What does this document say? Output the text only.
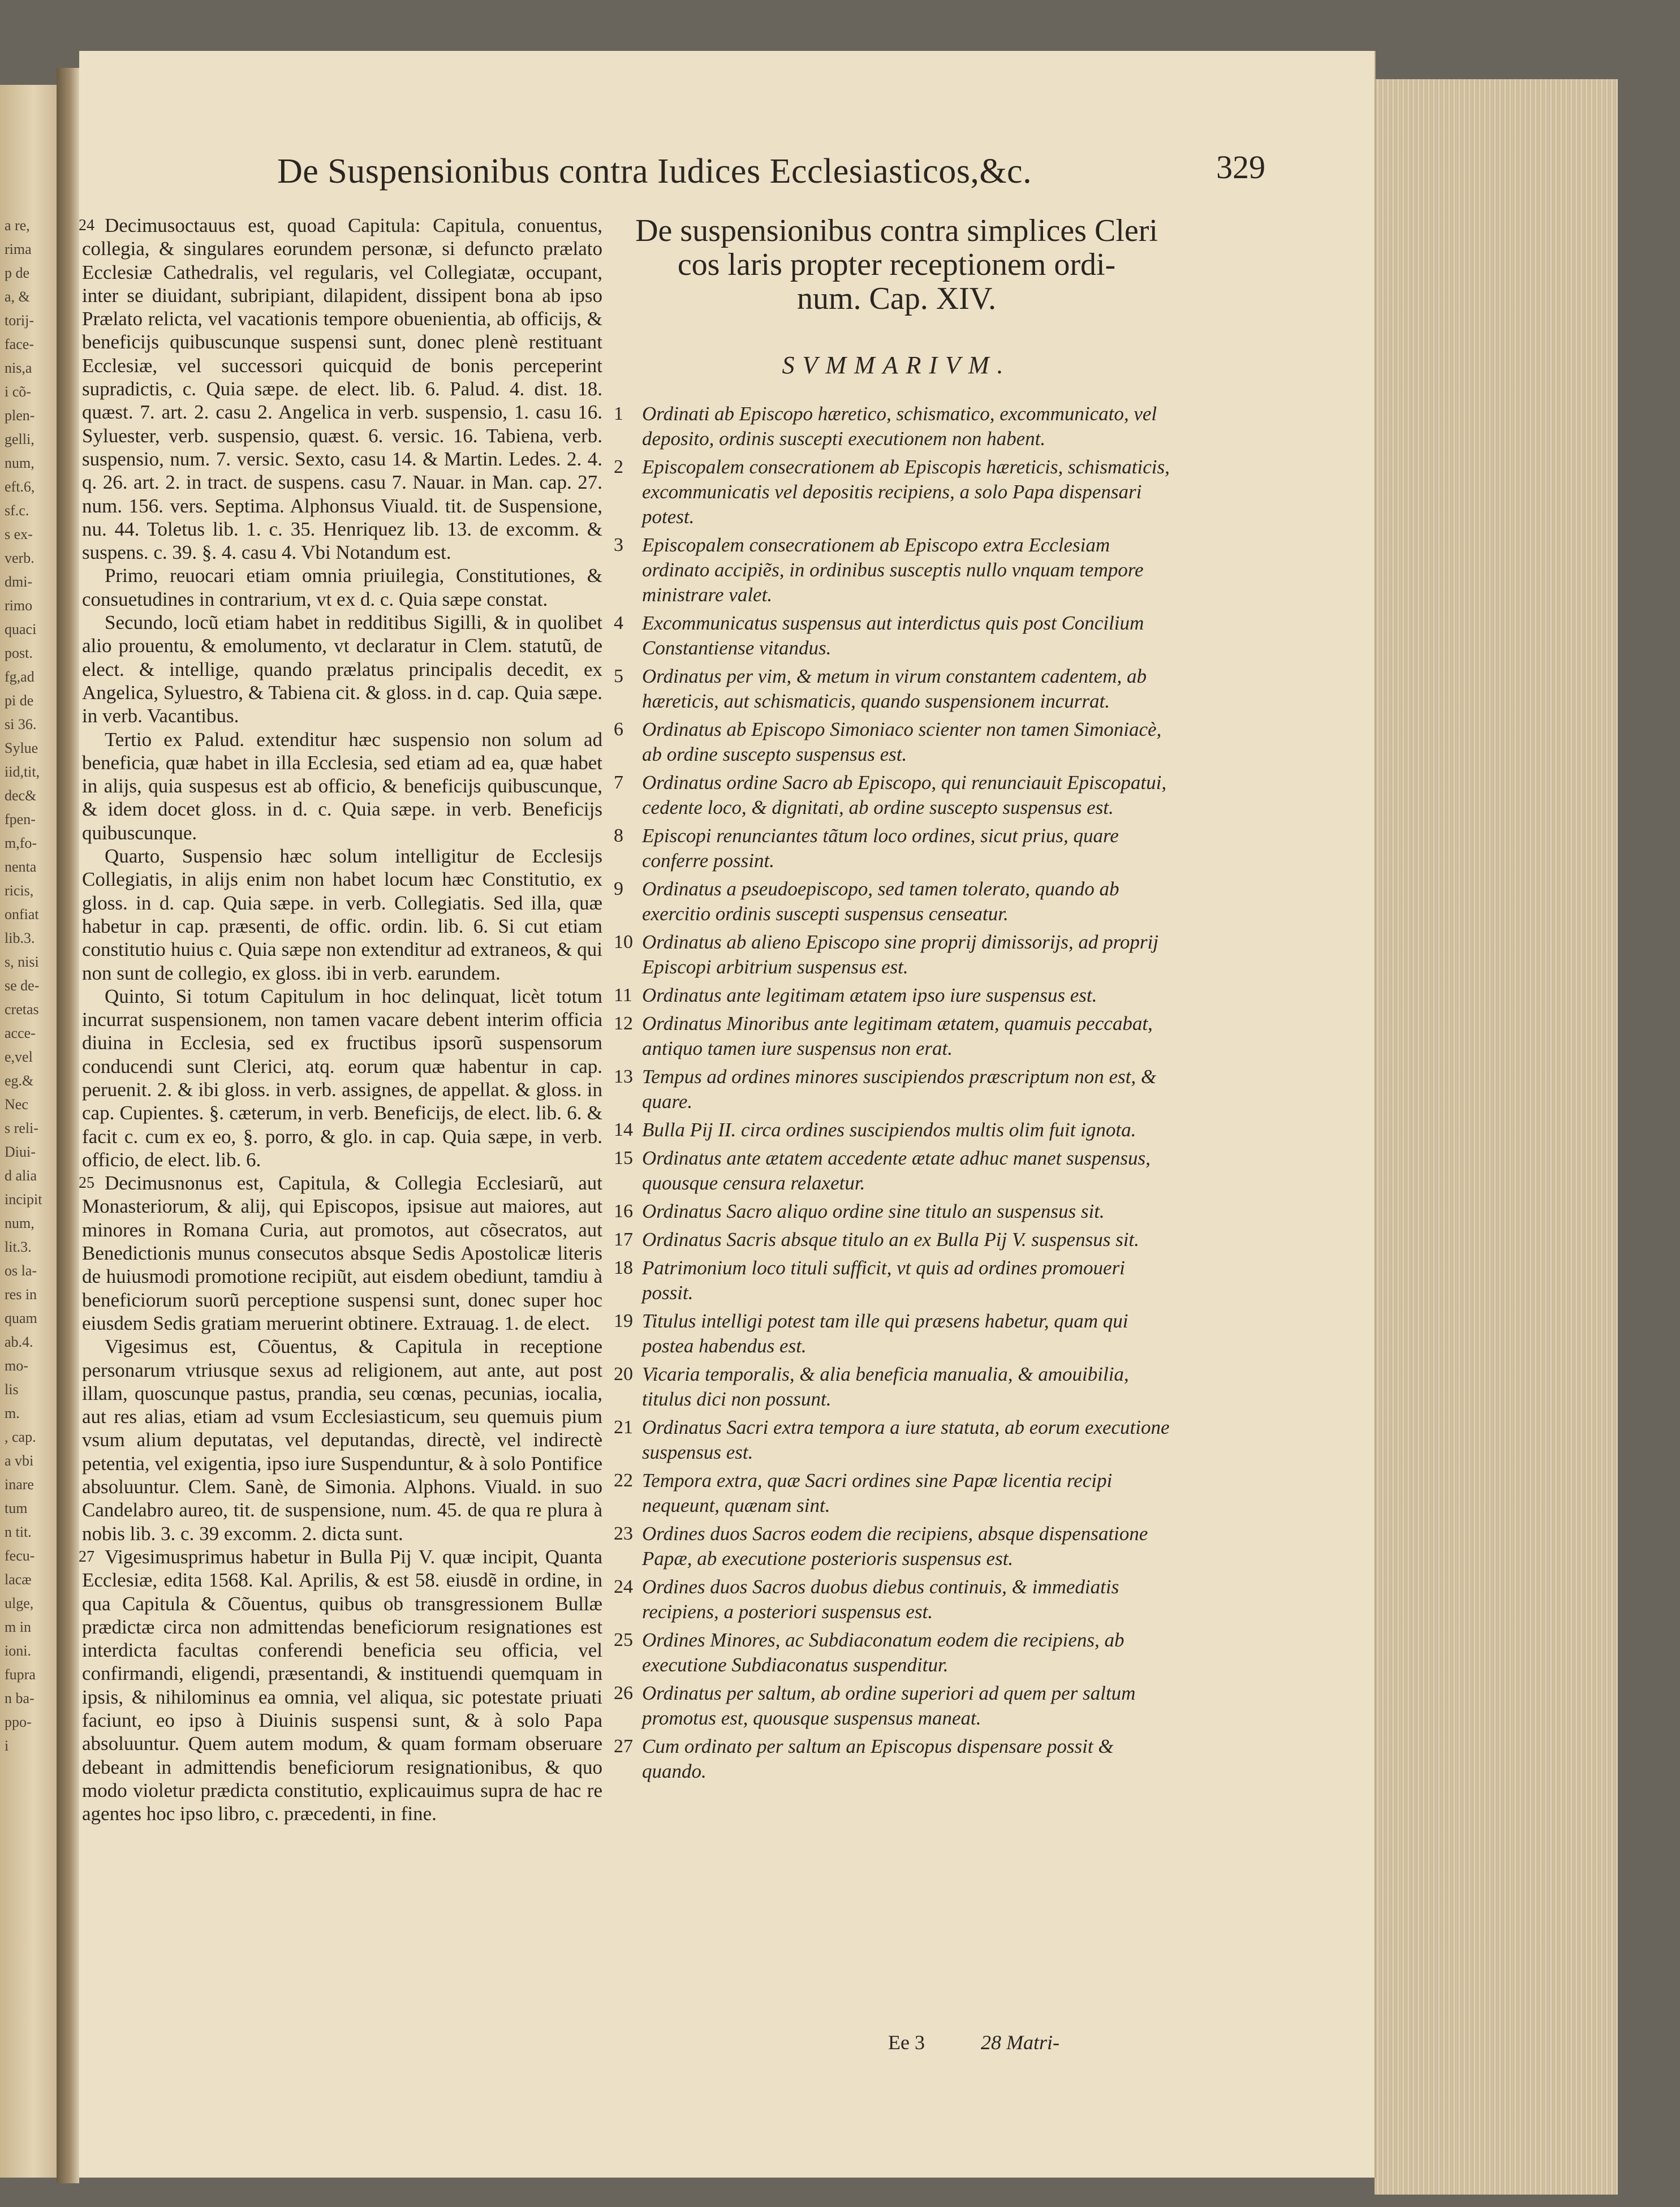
a re,
rima
p de
a, &
torij-
face-
nis,a
i cõ-
plen-
gelli,
num,
eft.6,
sf.c.
s ex-
verb.
dmi-
rimo
quaci
post.
fg,ad
pi de
si 36.
Sylue
iid,tit,
dec&
fpen-
m,fo-
nenta
ricis,
onfiat
lib.3.
s, nisi
se de-
cretas
acce-
e,vel
eg.&
Nec
s reli-
Diui-
d alia
incipit
num,
lit.3.
os la-
res in
quam
ab.4.
mo-
lis
m.
, cap.
a vbi
inare
tum
n tit.
fecu-
lacæ
ulge,
m in
ioni.
fupra
n ba-
ppo-
i
De Suspensionibus contra Iudices Ecclesiasticos,&c.	329
24 Decimusoctauus est, quoad Capitula: Capitula, conuentus, collegia, & singulares eorundem personæ, si defuncto prælato Ecclesiæ Cathedralis, vel regularis, vel Collegiatæ, occupant, inter se diuidant, subripiant, dilapident, dissipent bona ab ipso Prælato relicta, vel vacationis tempore obuenientia, ab officijs, & beneficijs quibuscunque suspensi sunt, donec plenè restituant Ecclesiæ, vel successori quicquid de bonis perceperint supradictis, c. Quia sæpe. de elect. lib. 6. Palud. 4. dist. 18. quæst. 7. art. 2. casu 2. Angelica in verb. suspensio, 1. casu 16. Syluester, verb. suspensio, quæst. 6. versic. 16. Tabiena, verb. suspensio, num. 7. versic. Sexto, casu 14. & Martin. Ledes. 2. 4. q. 26. art. 2. in tract. de suspens. casu 7. Nauar. in Man. cap. 27. num. 156. vers. Septima. Alphonsus Viuald. tit. de Suspensione, nu. 44. Toletus lib. 1. c. 35. Henriquez lib. 13. de excomm. & suspens. c. 39. §. 4. casu 4. Vbi Notandum est.

Primo, reuocari etiam omnia priuilegia, Constitutiones, & consuetudines in contrarium, vt ex d. c. Quia sæpe constat.

Secundo, locũ etiam habet in redditibus Sigilli, & in quolibet alio prouentu, & emolumento, vt declaratur in Clem. statutũ, de elect. & intellige, quando prælatus principalis decedit, ex Angelica, Syluestro, & Tabiena cit. & gloss. in d. cap. Quia sæpe. in verb. Vacantibus.

Tertio ex Palud. extenditur hæc suspensio non solum ad beneficia, quæ habet in illa Ecclesia, sed etiam ad ea, quæ habet in alijs, quia suspesus est ab officio, & beneficijs quibuscunque, & idem docet gloss. in d. c. Quia sæpe. in verb. Beneficijs quibuscunque.

Quarto, Suspensio hæc solum intelligitur de Ecclesijs Collegiatis, in alijs enim non habet locum hæc Constitutio, ex gloss. in d. cap. Quia sæpe. in verb. Collegiatis. Sed illa, quæ habetur in cap. præsenti, de offic. ordin. lib. 6. Si cut etiam constitutio huius c. Quia sæpe non extenditur ad extraneos, & qui non sunt de collegio, ex gloss. ibi in verb. earundem.

Quinto, Si totum Capitulum in hoc delinquat, licèt totum incurrat suspensionem, non tamen vacare debent interim officia diuina in Ecclesia, sed ex fructibus ipsorũ suspensorum conducendi sunt Clerici, atq. eorum quæ habentur in cap. peruenit. 2. & ibi gloss. in verb. assignes, de appellat. & gloss. in cap. Cupientes. §. cæterum, in verb. Beneficijs, de elect. lib. 6. & facit c. cum ex eo, §. porro, & glo. in cap. Quia sæpe, in verb. officio, de elect. lib. 6.

25 Decimusnonus est, Capitula, & Collegia Ecclesiarũ, aut Monasteriorum, & alij, qui Episcopos, ipsisue aut maiores, aut minores in Romana Curia, aut promotos, aut cõsecratos, aut Benedictionis munus consecutos absque Sedis Apostolicæ literis de huiusmodi promotione recipiũt, aut eisdem obediunt, tamdiu à beneficiorum suorũ perceptione suspensi sunt, donec super hoc eiusdem Sedis gratiam meruerint obtinere. Extrauag. 1. de elect.

Vigesimus est, Cõuentus, & Capitula in receptione personarum vtriusque sexus ad religionem, aut ante, aut post illam, quoscunque pastus, prandia, seu cœnas, pecunias, iocalia, aut res alias, etiam ad vsum Ecclesiasticum, seu quemuis pium vsum alium deputatas, vel deputandas, directè, vel indirectè petentia, vel exigentia, ipso iure Suspenduntur, & à solo Pontifice absoluuntur. Clem. Sanè, de Simonia. Alphons. Viuald. in suo Candelabro aureo, tit. de suspensione, num. 45. de qua re plura à nobis lib. 3. c. 39 excomm. 2. dicta sunt.

27 Vigesimusprimus habetur in Bulla Pij V. quæ incipit, Quanta Ecclesiæ, edita 1568. Kal. Aprilis, & est 58. eiusdẽ in ordine, in qua Capitula & Cõuentus, quibus ob transgressionem Bullæ prædictæ circa non admittendas beneficiorum resignationes est interdicta facultas conferendi beneficia seu officia, vel confirmandi, eligendi, præsentandi, & instituendi quemquam in ipsis, & nihilominus ea omnia, vel aliqua, sic potestate priuati faciunt, eo ipso à Diuinis suspensi sunt, & à solo Papa absoluuntur. Quem autem modum, & quam formam obseruare debeant in admittendis beneficiorum resignationibus, & quo modo violetur prædicta constitutio, explicauimus supra de hac re agentes hoc ipso libro, c. præcedenti, in fine.

De suspensionibus contra simplices Cleri

cos laris propter receptionem ordi-

num. Cap. XIV.

SVMMARIVM.
1 Ordinati ab Episcopo hæretico, schismatico, excommunicato, vel deposito, ordinis suscepti executionem non habent.
2 Episcopalem consecrationem ab Episcopis hæreticis, schismaticis, excommunicatis vel depositis recipiens, a solo Papa dispensari potest.
3 Episcopalem consecrationem ab Episcopo extra Ecclesiam ordinato accipiẽs, in ordinibus susceptis nullo vnquam tempore ministrare valet.
4 Excommunicatus suspensus aut interdictus quis post Concilium Constantiense vitandus.
5 Ordinatus per vim, & metum in virum constantem cadentem, ab hæreticis, aut schismaticis, quando suspensionem incurrat.
6 Ordinatus ab Episcopo Simoniaco scienter non tamen Simoniacè, ab ordine suscepto suspensus est.
7 Ordinatus ordine Sacro ab Episcopo, qui renunciauit Episcopatui, cedente loco, & dignitati, ab ordine suscepto suspensus est.
8 Episcopi renunciantes tãtum loco ordines, sicut prius, quare conferre possint.
9 Ordinatus a pseudoepiscopo, sed tamen tolerato, quando ab exercitio ordinis suscepti suspensus censeatur.
10 Ordinatus ab alieno Episcopo sine proprij dimissorijs, ad proprij Episcopi arbitrium suspensus est.
11 Ordinatus ante legitimam ætatem ipso iure suspensus est.
12 Ordinatus Minoribus ante legitimam ætatem, quamuis peccabat, antiquo tamen iure suspensus non erat.
13 Tempus ad ordines minores suscipiendos præscriptum non est, & quare.
14 Bulla Pij II. circa ordines suscipiendos multis olim fuit ignota.
15 Ordinatus ante ætatem accedente ætate adhuc manet suspensus, quousque censura relaxetur.
16 Ordinatus Sacro aliquo ordine sine titulo an suspensus sit.
17 Ordinatus Sacris absque titulo an ex Bulla Pij V. suspensus sit.
18 Patrimonium loco tituli sufficit, vt quis ad ordines promoueri possit.
19 Titulus intelligi potest tam ille qui præsens habetur, quam qui postea habendus est.
20 Vicaria temporalis, & alia beneficia manualia, & amouibilia, titulus dici non possunt.
21 Ordinatus Sacri extra tempora a iure statuta, ab eorum executione suspensus est.
22 Tempora extra, quæ Sacri ordines sine Papæ licentia recipi nequeunt, quænam sint.
23 Ordines duos Sacros eodem die recipiens, absque dispensatione Papæ, ab executione posterioris suspensus est.
24 Ordines duos Sacros duobus diebus continuis, & immediatis recipiens, a posteriori suspensus est.
25 Ordines Minores, ac Subdiaconatum eodem die recipiens, ab executione Subdiaconatus suspenditur.
26 Ordinatus per saltum, ab ordine superiori ad quem per saltum promotus est, quousque suspensus maneat.
27 Cum ordinato per saltum an Episcopus dispensare possit & quando.
Ee 3	28 Matri-
